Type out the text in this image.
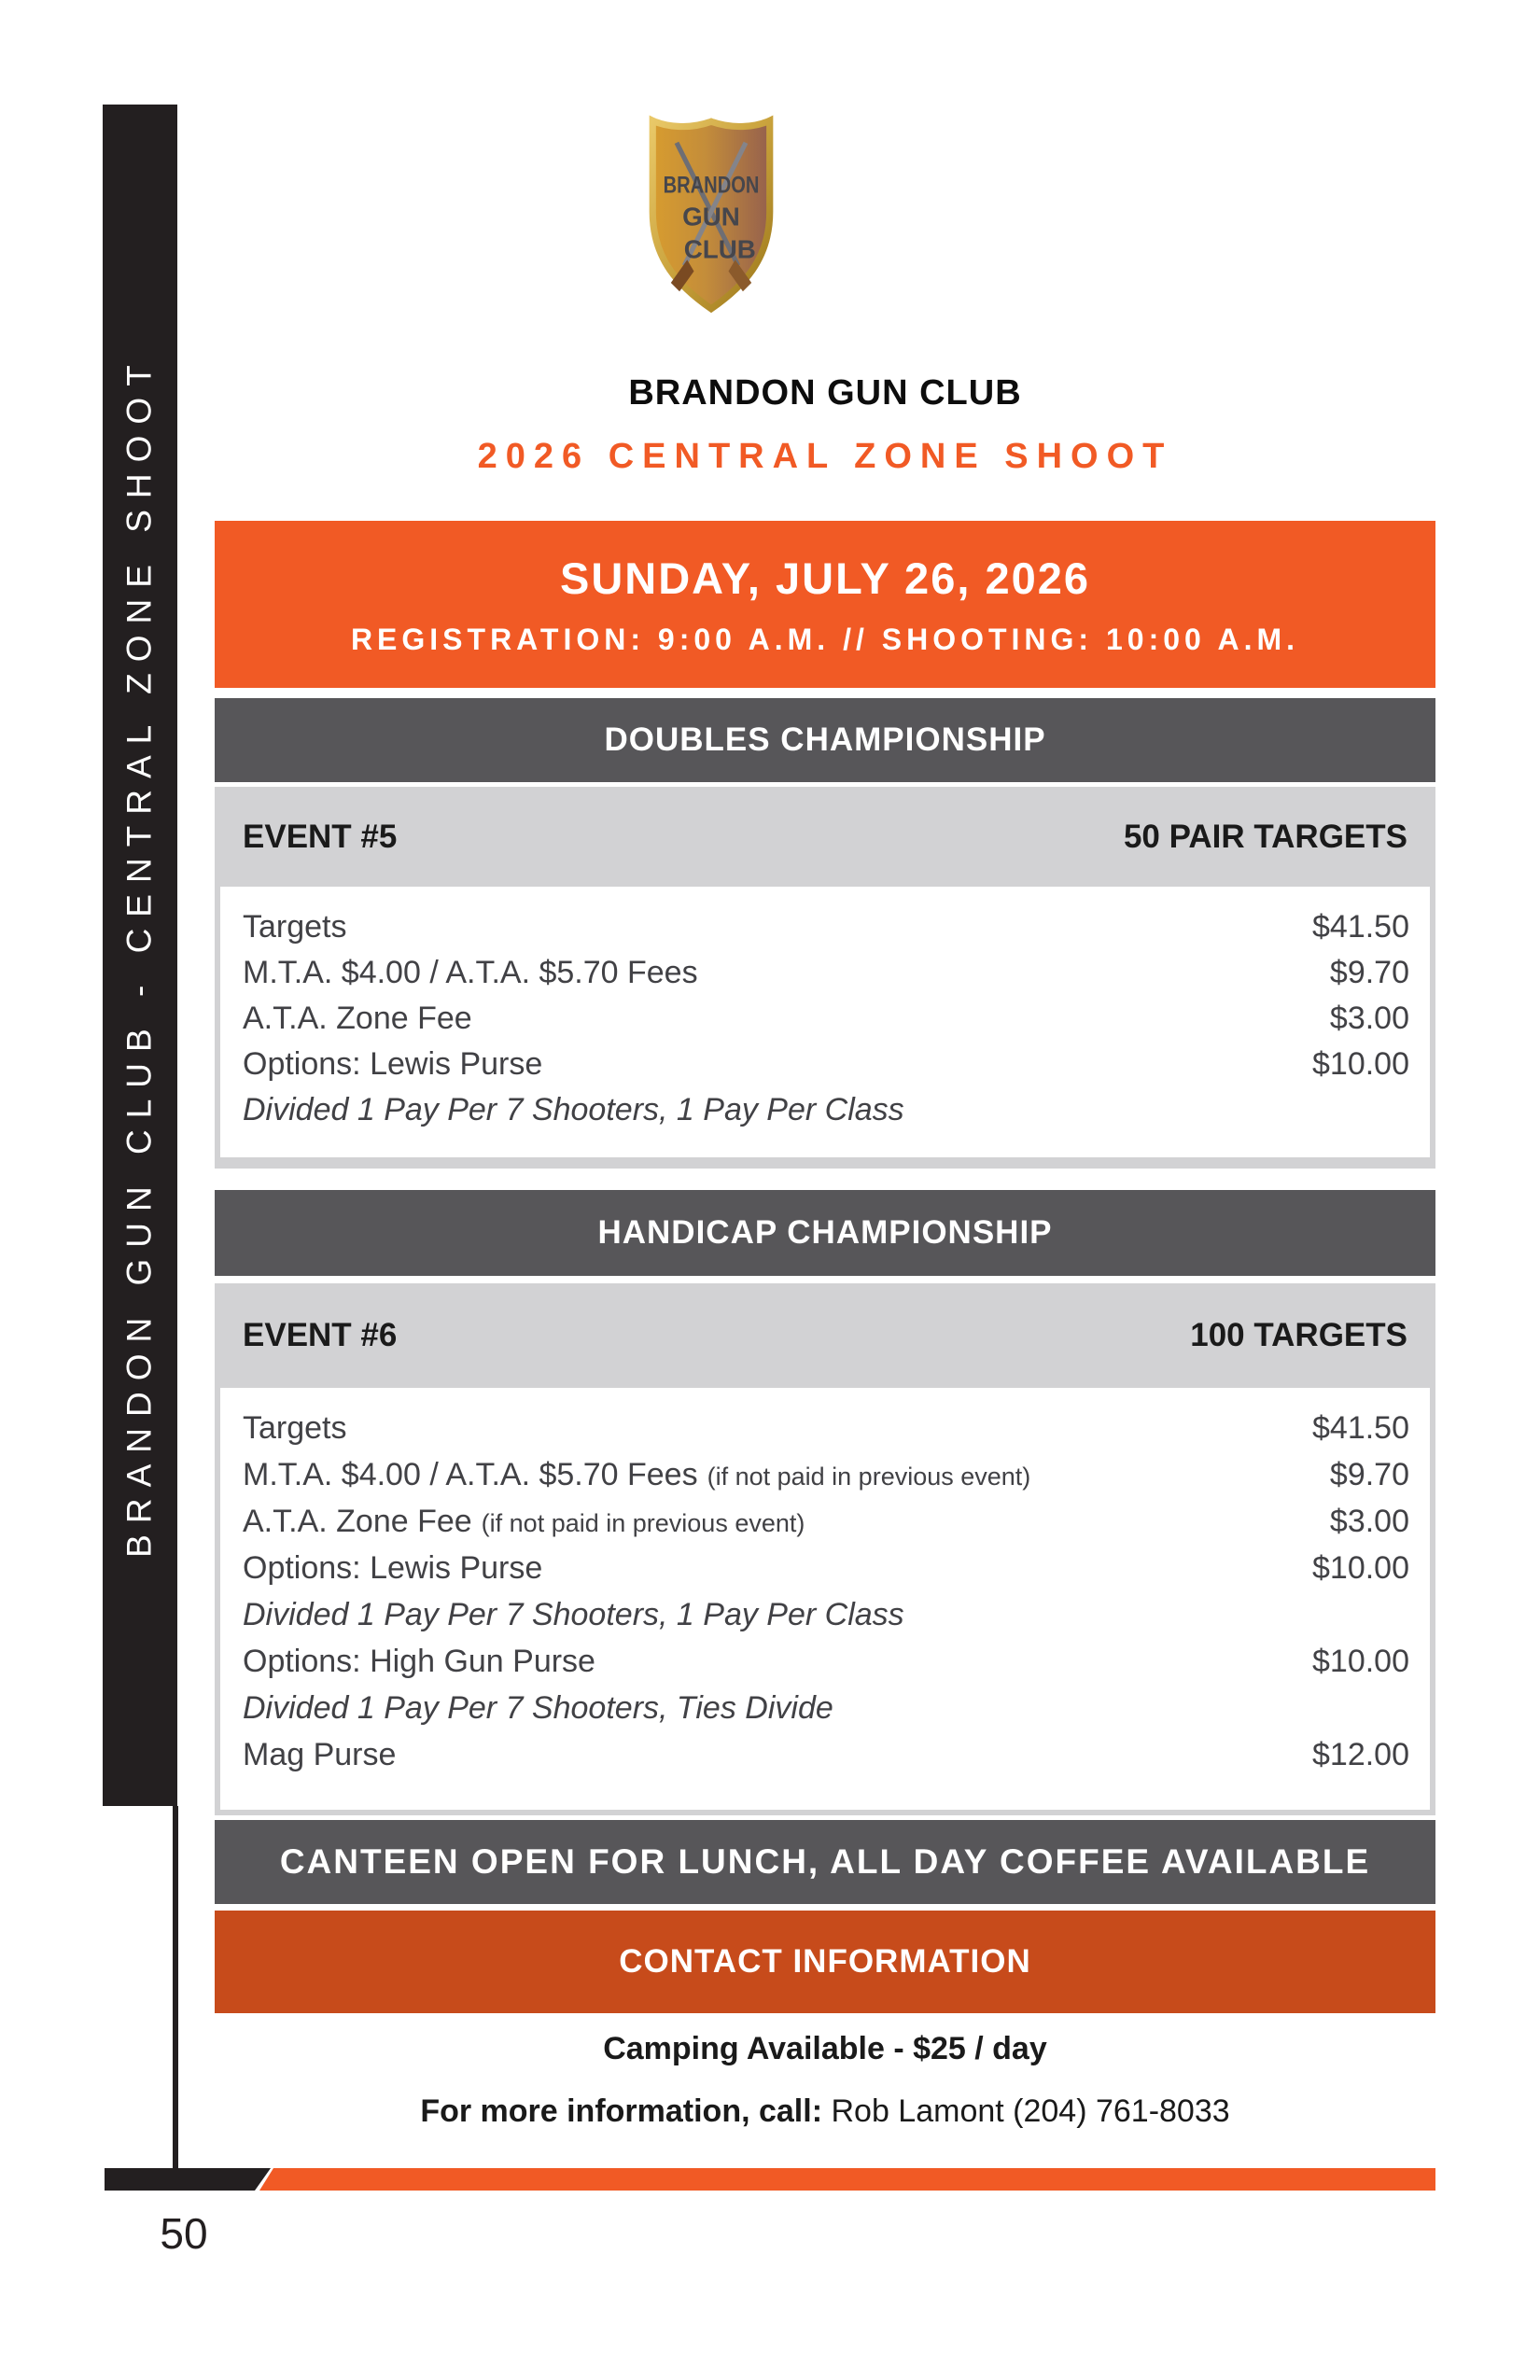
BRANDON GUN CLUB - CENTRAL ZONE SHOOT
BRANDON
GUN
CLUB
BRANDON GUN CLUB
2026 CENTRAL ZONE SHOOT
SUNDAY, JULY 26, 2026
REGISTRATION: 9:00 A.M. // SHOOTING: 10:00 A.M.
DOUBLES CHAMPIONSHIP
EVENT #5	50 PAIR TARGETS
Targets	$41.50
M.T.A. $4.00 / A.T.A. $5.70 Fees	$9.70
A.T.A. Zone Fee	$3.00
Options: Lewis Purse	$10.00
Divided 1 Pay Per 7 Shooters, 1 Pay Per Class
HANDICAP CHAMPIONSHIP
EVENT #6	100 TARGETS
Targets	$41.50
M.T.A. $4.00 / A.T.A. $5.70 Fees (if not paid in previous event)	$9.70
A.T.A. Zone Fee (if not paid in previous event)	$3.00
Options: Lewis Purse	$10.00
Divided 1 Pay Per 7 Shooters, 1 Pay Per Class
Options: High Gun Purse	$10.00
Divided 1 Pay Per 7 Shooters, Ties Divide
Mag Purse	$12.00
CANTEEN OPEN FOR LUNCH, ALL DAY COFFEE AVAILABLE
CONTACT INFORMATION
Camping Available - $25 / day
For more information, call: Rob Lamont (204) 761-8033
50
